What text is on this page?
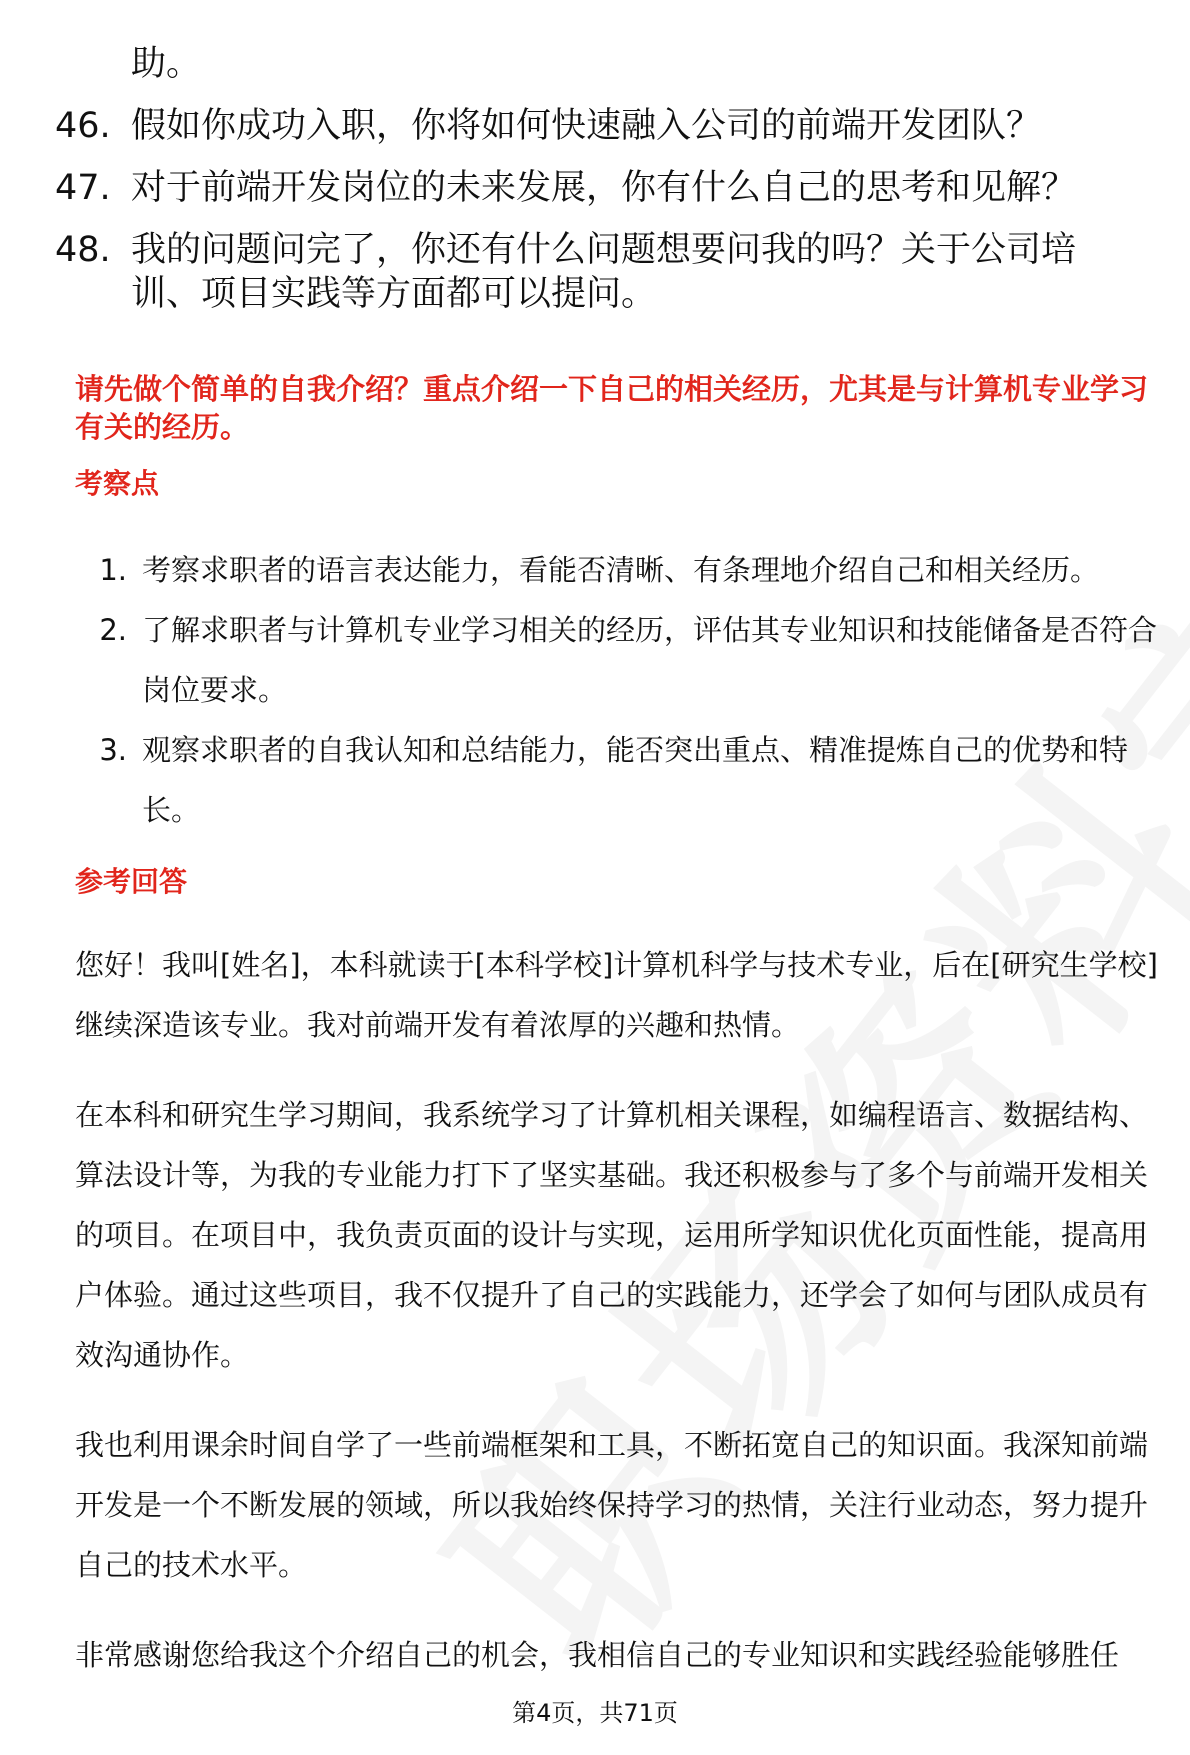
助。
46. 假如你成功入职，你将如何快速融入公司的前端开发团队？
47. 对于前端开发岗位的未来发展，你有什么自己的思考和见解？
48. 我的问题问完了，你还有什么问题想要问我的吗？关于公司培训、项目实践等方面都可以提问。
请先做个简单的自我介绍？重点介绍一下自己的相关经历，尤其是与计算机专业学习有关的经历。
考察点
1. 考察求职者的语言表达能力，看能否清晰、有条理地介绍自己和相关经历。
2. 了解求职者与计算机专业学习相关的经历，评估其专业知识和技能储备是否符合岗位要求。
3. 观察求职者的自我认知和总结能力，能否突出重点、精准提炼自己的优势和特长。
参考回答

您好！我叫[姓名]，本科就读于[本科学校]计算机科学与技术专业，后在[研究生学校]继续深造该专业。我对前端开发有着浓厚的兴趣和热情。

在本科和研究生学习期间，我系统学习了计算机相关课程，如编程语言、数据结构、算法设计等，为我的专业能力打下了坚实基础。我还积极参与了多个与前端开发相关的项目。在项目中，我负责页面的设计与实现，运用所学知识优化页面性能，提高用户体验。通过这些项目，我不仅提升了自己的实践能力，还学会了如何与团队成员有效沟通协作。

我也利用课余时间自学了一些前端框架和工具，不断拓宽自己的知识面。我深知前端开发是一个不断发展的领域，所以我始终保持学习的热情，关注行业动态，努力提升自己的技术水平。

非常感谢您给我这个介绍自己的机会，我相信自己的专业知识和实践经验能够胜任

第4页，共71页
